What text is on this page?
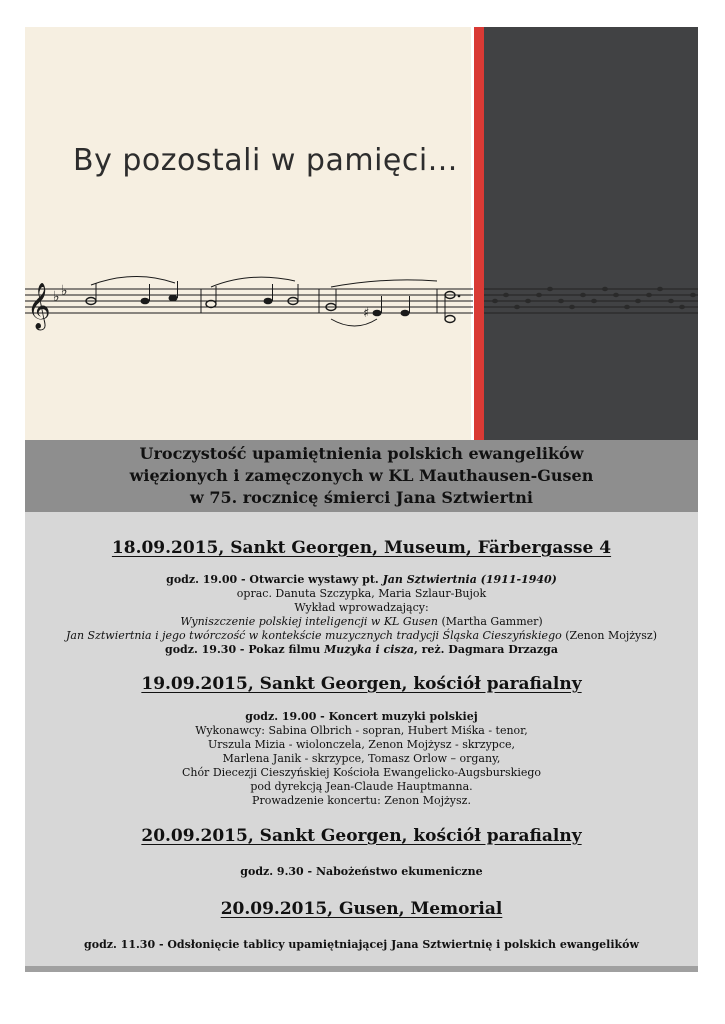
By pozostali w pamięci...
𝄞 ♭ ♭
♯
Uroczystość upamiętnienia polskich ewangelików
więzionych i zamęczonych w KL Mauthausen-Gusen
w 75. rocznicę śmierci Jana Sztwiertni
18.09.2015, Sankt Georgen, Museum, Färbergasse 4
godz. 19.00 - Otwarcie wystawy pt. Jan Sztwiertnia (1911-1940)
oprac. Danuta Szczypka, Maria Szlaur-Bujok
Wykład wprowadzający:
Wyniszczenie polskiej inteligencji w KL Gusen (Martha Gammer)
Jan Sztwiertnia i jego twórczość w kontekście muzycznych tradycji Śląska Cieszyńskiego (Zenon Mojżysz)
godz. 19.30 - Pokaz filmu Muzyka i cisza, reż. Dagmara Drzazga
19.09.2015, Sankt Georgen, kościół parafialny
godz. 19.00 - Koncert muzyki polskiej
Wykonawcy: Sabina Olbrich - sopran, Hubert Miśka - tenor,
Urszula Mizia - wiolonczela, Zenon Mojżysz - skrzypce,
Marlena Janik - skrzypce, Tomasz Orlow – organy,
Chór Diecezji Cieszyńskiej Kościoła Ewangelicko-Augsburskiego
pod dyrekcją Jean-Claude Hauptmanna.
Prowadzenie koncertu: Zenon Mojżysz.
20.09.2015, Sankt Georgen, kościół parafialny
godz. 9.30 - Nabożeństwo ekumeniczne
20.09.2015, Gusen, Memorial
godz. 11.30 - Odsłonięcie tablicy upamiętniającej Jana Sztwiertnię i polskich ewangelików
